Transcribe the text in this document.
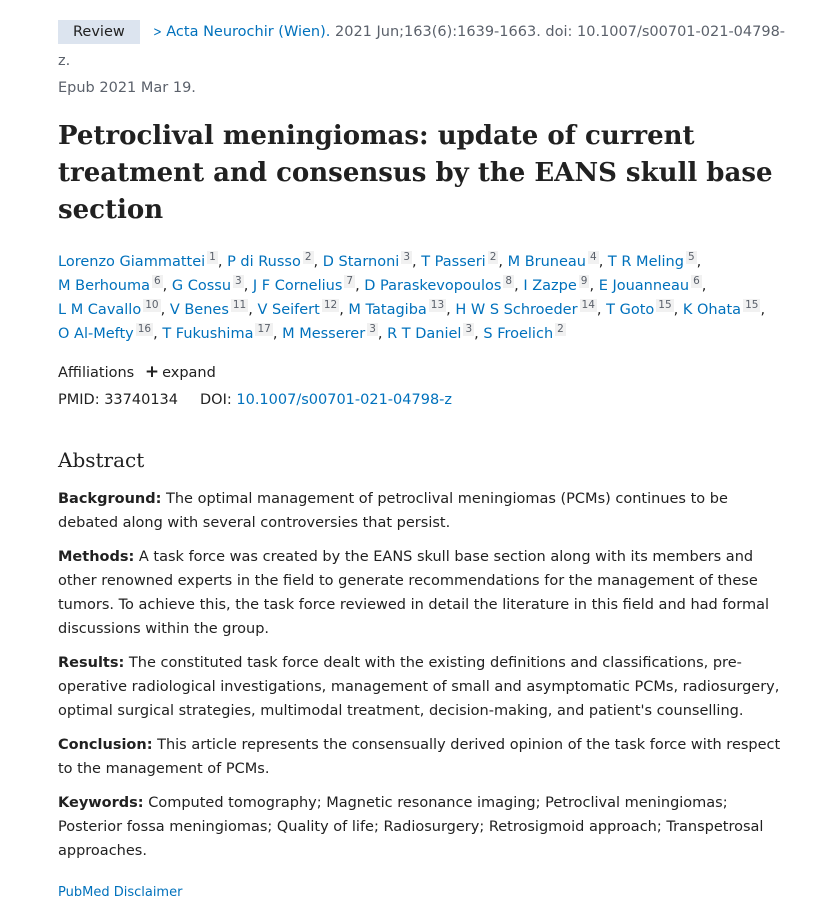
Review > Acta Neurochir (Wien). 2021 Jun;163(6):1639-1663. doi: 10.1007/s00701-021-04798-z.
Epub 2021 Mar 19.
Petroclival meningiomas: update of current treatment and consensus by the EANS skull base section
Lorenzo Giammattei 1 , P di Russo 2 , D Starnoni 3 , T Passeri 2 , M Bruneau 4 , T R Meling 5 ,
M Berhouma 6 , G Cossu 3 , J F Cornelius 7 , D Paraskevopoulos 8 , I Zazpe 9 , E Jouanneau 6 ,
L M Cavallo 10 , V Benes 11 , V Seifert 12 , M Tatagiba 13 , H W S Schroeder 14 , T Goto 15 , K Ohata 15 ,
O Al-Mefty 16 , T Fukushima 17 , M Messerer 3 , R T Daniel 3 , S Froelich 2
Affiliations + expand
PMID: 33740134 DOI: 10.1007/s00701-021-04798-z
Abstract

Background: The optimal management of petroclival meningiomas (PCMs) continues to be debated along with several controversies that persist.

Methods: A task force was created by the EANS skull base section along with its members and other renowned experts in the field to generate recommendations for the management of these tumors. To achieve this, the task force reviewed in detail the literature in this field and had formal discussions within the group.

Results: The constituted task force dealt with the existing definitions and classifications, pre-operative radiological investigations, management of small and asymptomatic PCMs, radiosurgery, optimal surgical strategies, multimodal treatment, decision-making, and patient's counselling.

Conclusion: This article represents the consensually derived opinion of the task force with respect to the management of PCMs.

Keywords: Computed tomography; Magnetic resonance imaging; Petroclival meningiomas; Posterior fossa meningiomas; Quality of life; Radiosurgery; Retrosigmoid approach; Transpetrosal approaches.

PubMed Disclaimer
